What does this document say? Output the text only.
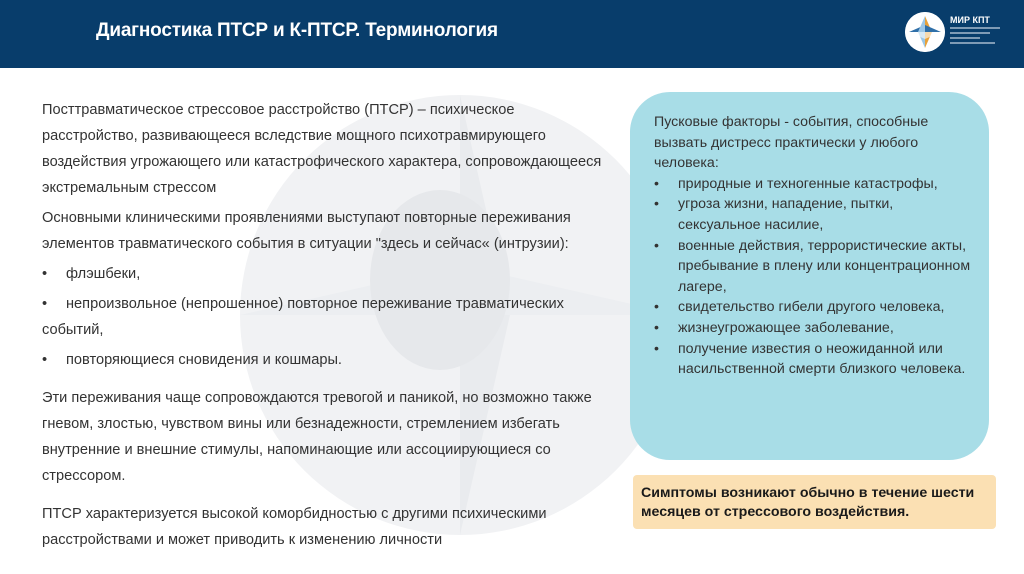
Диагностика ПТСР и К-ПТСР. Терминология	МИР КПТ

Посттравматическое стрессовое расстройство (ПТСР) – психическое расстройство, развивающееся вследствие мощного психотравмирующего воздействия угрожающего или катастрофического характера, сопровождающееся экстремальным стрессом

Основными клиническими проявлениями выступают повторные переживания элементов травматического события в ситуации "здесь и сейчас« (интрузии):

• флэшбеки,

• непроизвольное (непрошенное) повторное переживание травматических событий,

• повторяющиеся сновидения и кошмары.

Эти переживания чаще сопровождаются тревогой и паникой, но возможно также гневом, злостью, чувством вины или безнадежности, стремлением избегать внутренние и внешние стимулы, напоминающие или ассоциирующиеся со стрессором.

ПТСР характеризуется высокой коморбидностью с другими психическими расстройствами и может приводить к изменению личности

Пусковые факторы - события, способные вызвать дистресс практически у любого человека:
• природные и техногенные катастрофы,
• угроза жизни, нападение, пытки, сексуальное насилие,
• военные действия, террористические акты, пребывание в плену или концентрационном лагере,
• свидетельство гибели другого человека,
• жизнеугрожающее заболевание,
• получение известия о неожиданной или насильственной смерти близкого человека.
Симптомы возникают обычно в течение шести месяцев от стрессового воздействия.
